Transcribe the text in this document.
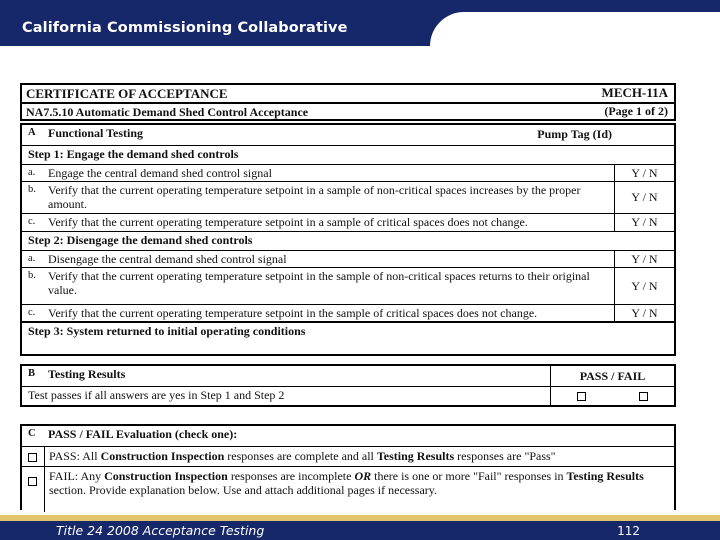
California Commissioning Collaborative
CERTIFICATE OF ACCEPTANCE	MECH-11A
NA7.5.10 Automatic Demand Shed Control Acceptance	(Page 1 of 2)
A	Functional Testing	Pump Tag (Id)
Step 1: Engage the demand shed controls
a.	Engage the central demand shed control signal	Y / N
b.	Verify that the current operating temperature setpoint in a sample of non-critical spaces increases by the proper amount.	Y / N
c.	Verify that the current operating temperature setpoint in a sample of critical spaces does not change.	Y / N
Step 2: Disengage the demand shed controls
a.	Disengage the central demand shed control signal	Y / N
b.	Verify that the current operating temperature setpoint in the sample of non-critical spaces returns to their original value.	Y / N
c.	Verify that the current operating temperature setpoint in the sample of critical spaces does not change.	Y / N
Step 3: System returned to initial operating conditions
B	Testing Results	PASS / FAIL
Test passes if all answers are yes in Step 1 and Step 2
C	PASS / FAIL Evaluation (check one):
PASS: All Construction Inspection responses are complete and all Testing Results responses are "Pass"
FAIL: Any Construction Inspection responses are incomplete OR there is one or more "Fail" responses in Testing Results section. Provide explanation below. Use and attach additional pages if necessary.
Title 24 2008 Acceptance Testing	112
